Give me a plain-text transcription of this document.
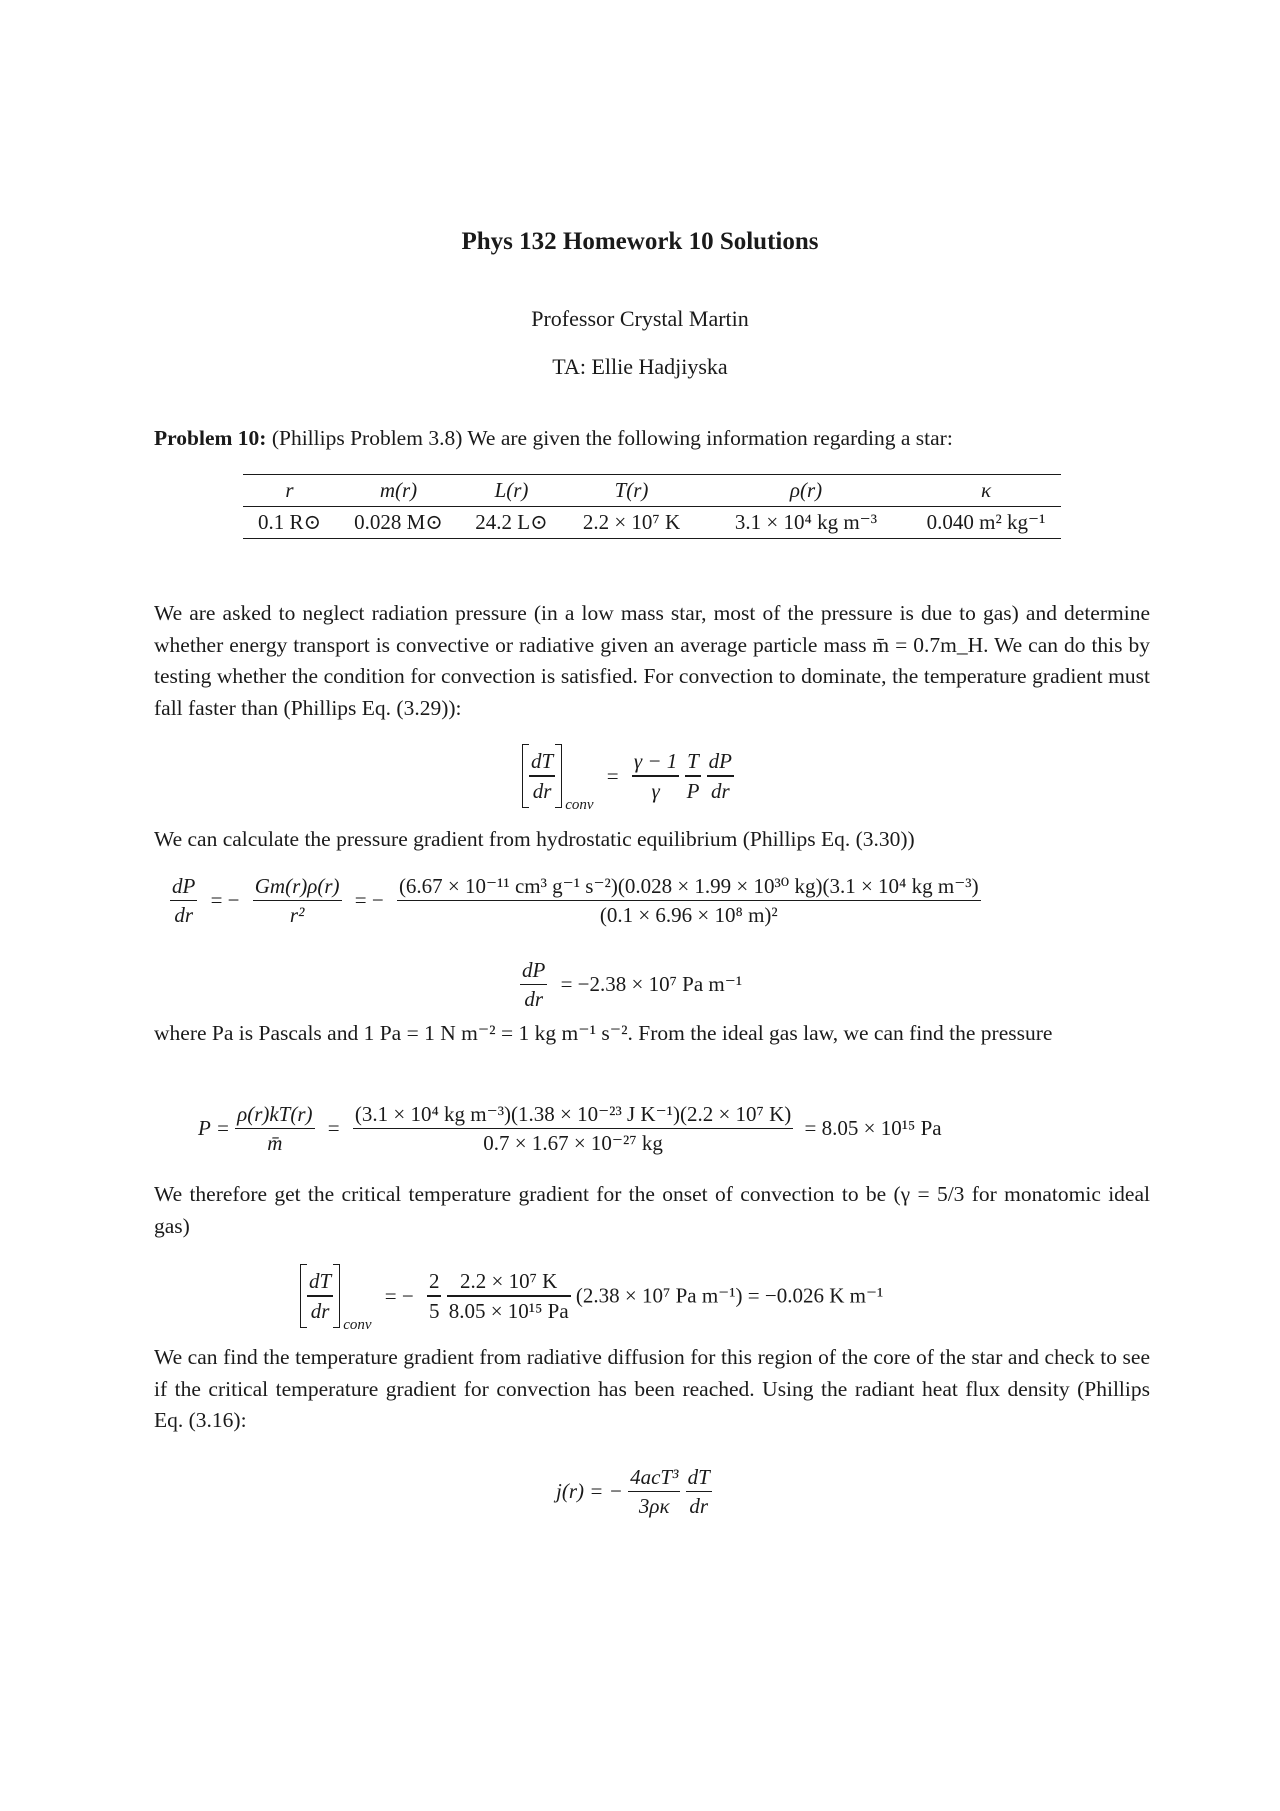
Phys 132 Homework 10 Solutions
Professor Crystal Martin
TA: Ellie Hadjiyska
Problem 10: (Phillips Problem 3.8) We are given the following information regarding a star:
r	m(r)	L(r)	T(r)	ρ(r)	κ
0.1 R⊙	0.028 M⊙	24.2 L⊙	2.2 × 10⁷ K	3.1 × 10⁴ kg m⁻³	0.040 m² kg⁻¹
We are asked to neglect radiation pressure (in a low mass star, most of the pressure is due to gas) and determine whether energy transport is convective or radiative given an average particle mass m̄ = 0.7m_H. We can do this by testing whether the condition for convection is satisfied. For convection to dominate, the temperature gradient must fall faster than (Phillips Eq. (3.29)):
$\frac{dT}{dr}$
conv
= $\frac{\gamma - 1}{\gamma}$
$\frac{T}{P}$
$\frac{dP}{dr}$
We can calculate the pressure gradient from hydrostatic equilibrium (Phillips Eq. (3.30))
$\frac{dP}{dr}$ = − $\frac{Gm(r)\rho(r)}{\text{r²}}$ = −
(6.67 × 10⁻¹¹ cm³ g⁻¹ s⁻²)(0.028 × 1.99 × 10³⁰ kg)(3.1 × 10⁴ kg m⁻³)
(0.1 × 6.96 × 10⁸ m)²
$\frac{dP}{dr} = -2.38 \times 10^7$ Pa m⁻¹
where Pa is Pascals and 1 Pa = 1 N m⁻² = 1 kg m⁻¹ s⁻². From the ideal gas law, we can find the pressure
$P = \frac{\rho(r)kT(r)}{m̄} = \frac{\text{(3.1 × 10⁴ kg m⁻³)(1.38 × 10⁻²³ J K⁻¹)(2.2 × 10⁷ K)}}{\text{0.7 × 1.67 × 10⁻²⁷ kg}} = 8.05 \times 10^{15}$ Pa
We therefore get the critical temperature gradient for the onset of convection to be (γ = 5/3 for monatomic ideal gas)
$\frac{dT}{dr}$
conv
= − $\frac{2}{5}$
$\frac{\text{2.2 × 10⁷ K}}{\text{8.05 × 10¹⁵ Pa}} (2.38 \times 10^7$ Pa m⁻¹) = −0.026 K m⁻¹
We can find the temperature gradient from radiative diffusion for this region of the core of the star and check to see if the critical temperature gradient for convection has been reached. Using the radiant heat flux density (Phillips Eq. (3.16):
j(r) = − $\frac{\text{4acT³}}{3\rho\kappa}$
$\frac{dT}{dr}$
